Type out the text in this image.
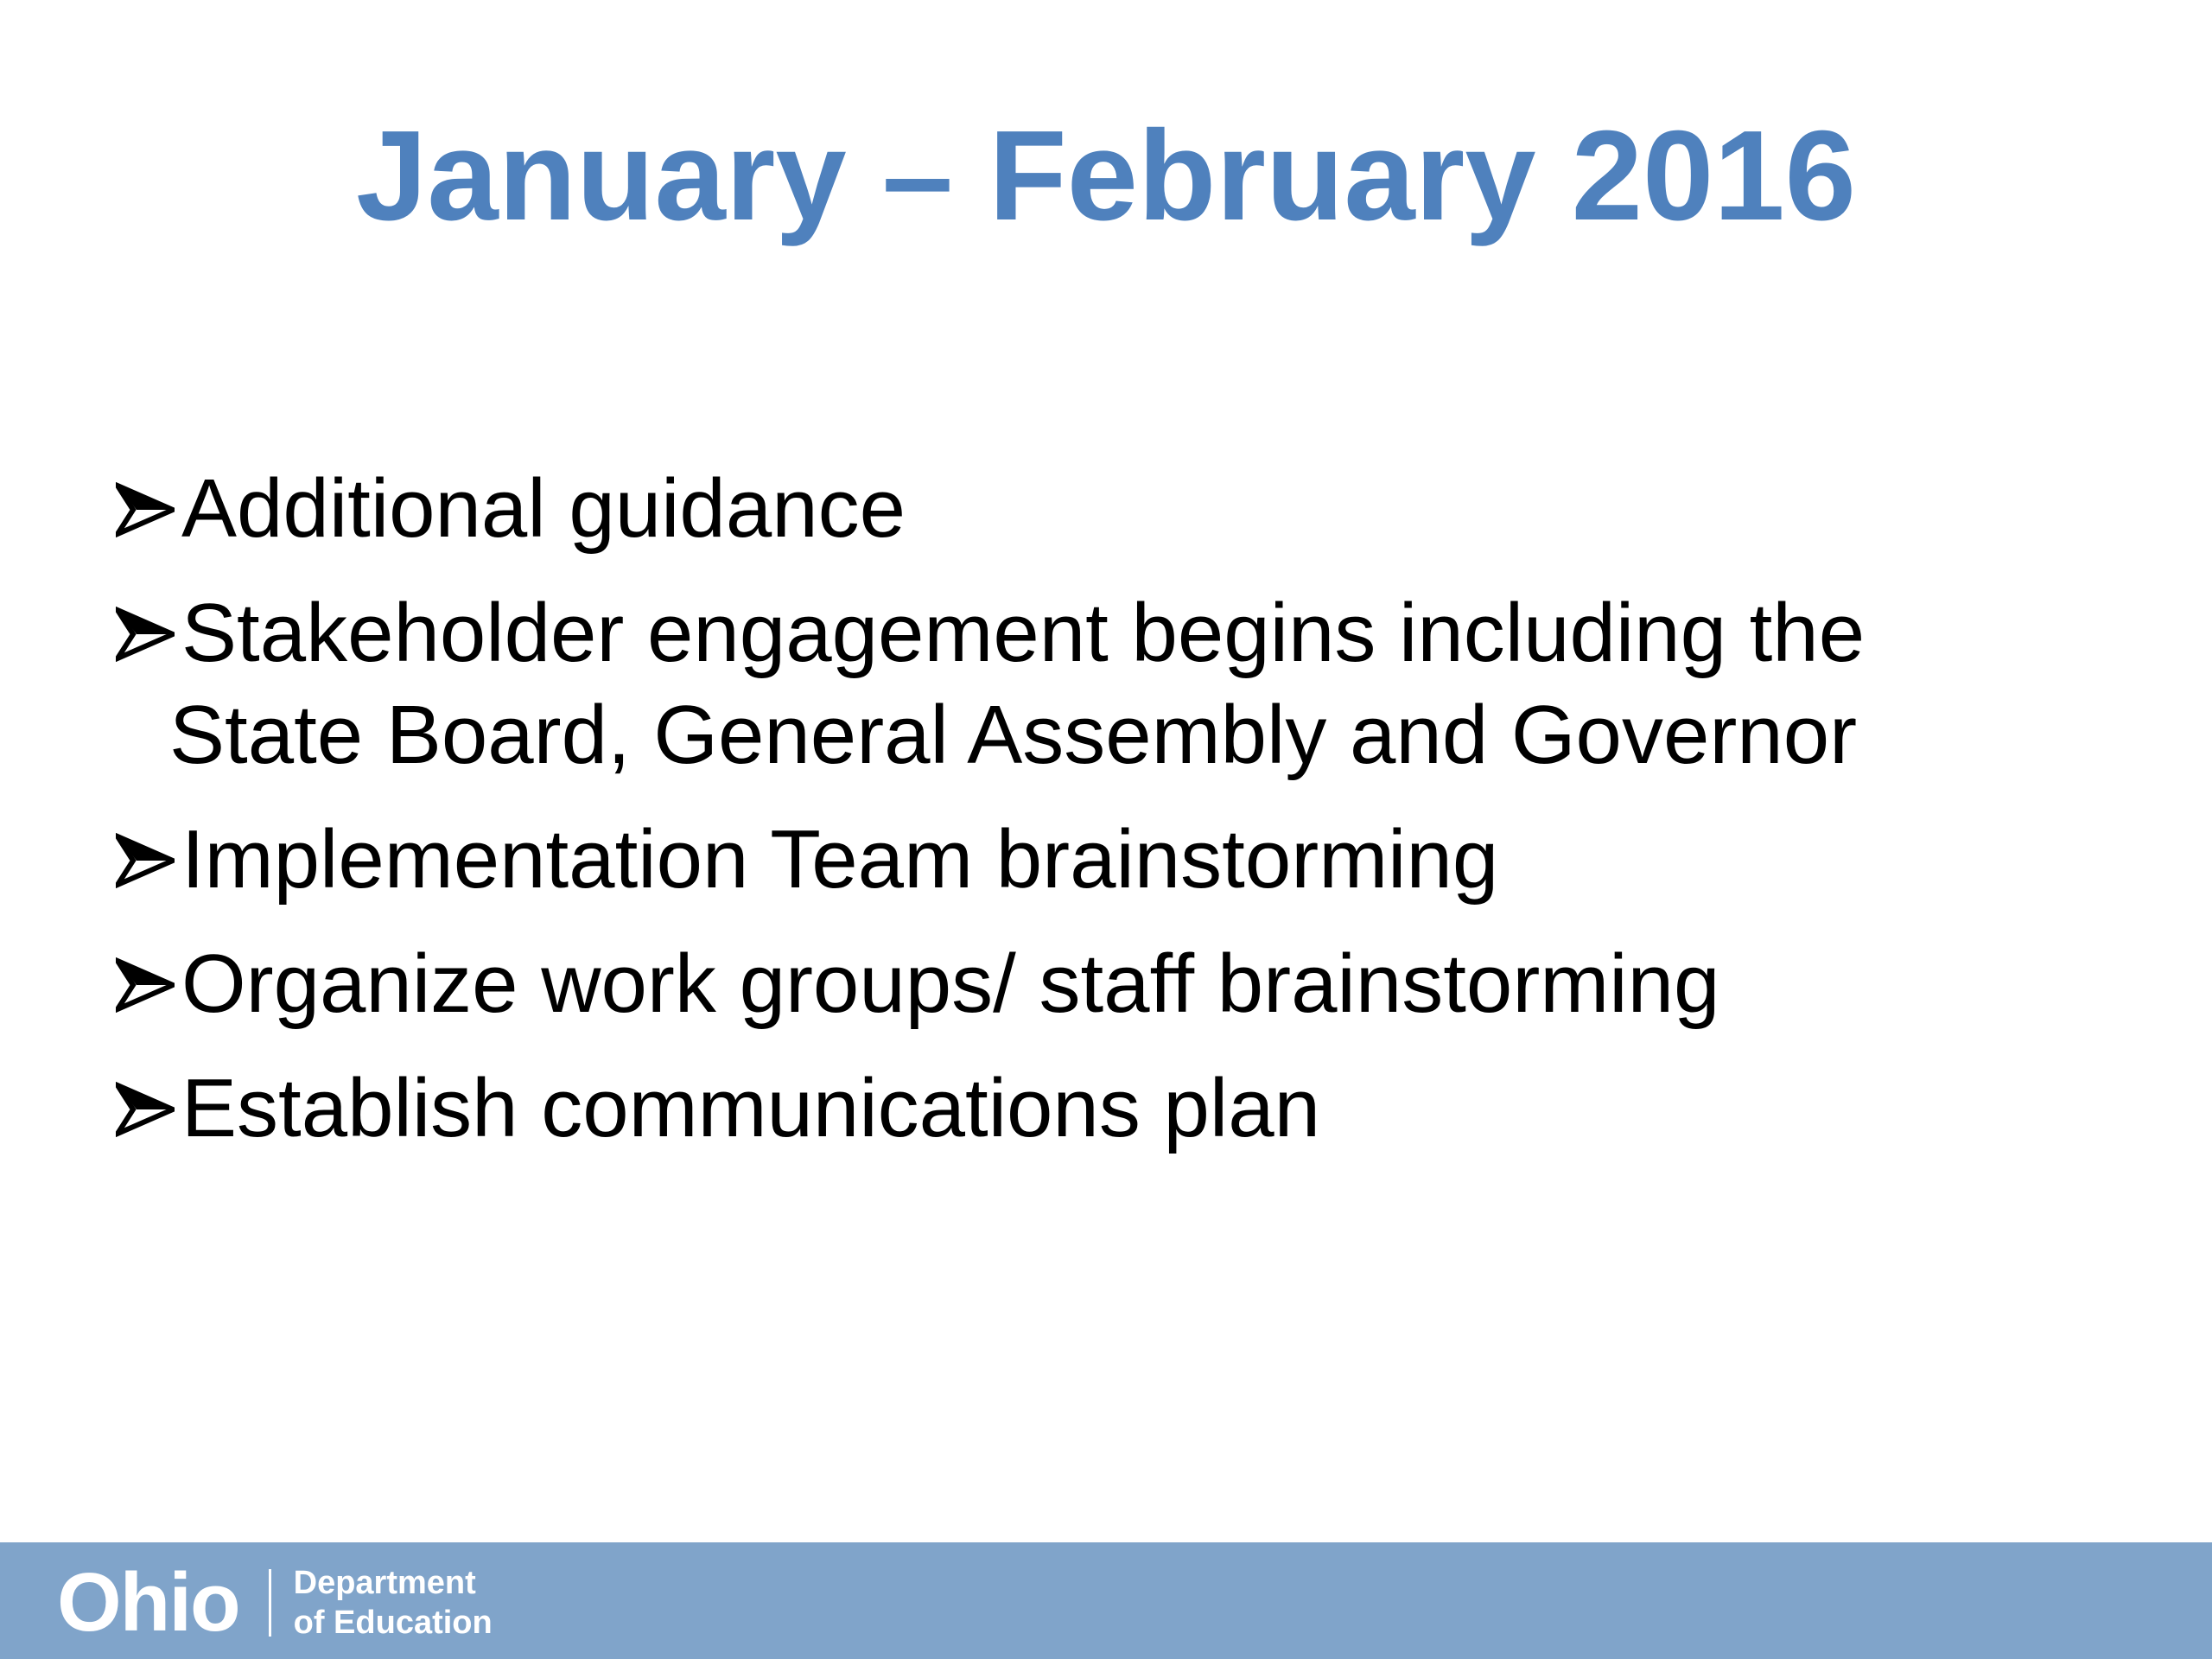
January – February 2016
Additional guidance
Stakeholder engagement begins including the
State Board, General Assembly and Governor
Implementation Team brainstorming
Organize work groups/ staff brainstorming
Establish communications plan
Ohio Department
of Education
